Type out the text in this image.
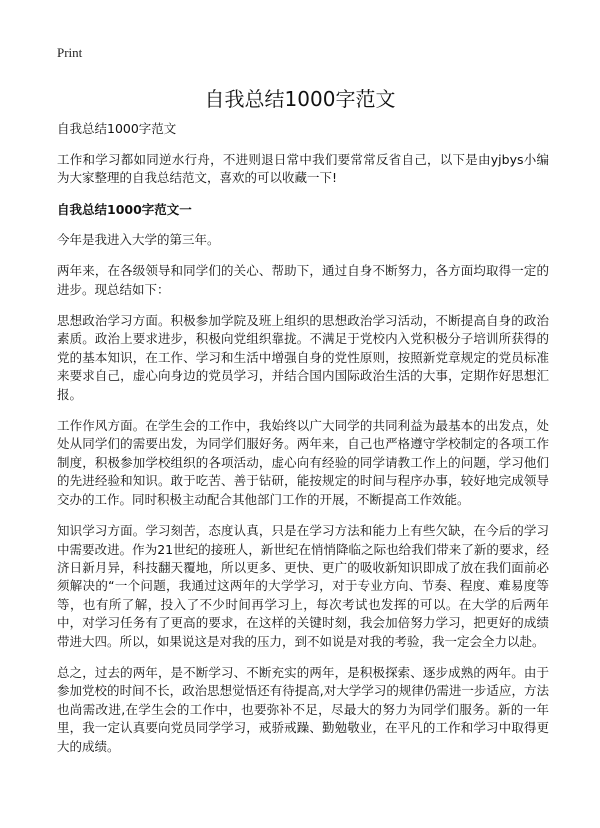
Print
自我总结1000字范文

自我总结1000字范文

工作和学习都如同逆水行舟，不进则退日常中我们要常常反省自己，以下是由yjbys小编为大家整理的自我总结范文，喜欢的可以收藏一下!

自我总结1000字范文一

今年是我进入大学的第三年。

两年来，在各级领导和同学们的关心、帮助下，通过自身不断努力，各方面均取得一定的进步。现总结如下：

思想政治学习方面。积极参加学院及班上组织的思想政治学习活动，不断提高自身的政治素质。政治上要求进步，积极向党组织靠拢。不满足于党校内入党积极分子培训所获得的党的基本知识，在工作、学习和生活中增强自身的党性原则，按照新党章规定的党员标准来要求自己，虚心向身边的党员学习，并结合国内国际政治生活的大事，定期作好思想汇报。

工作作风方面。在学生会的工作中，我始终以广大同学的共同利益为最基本的出发点，处处从同学们的需要出发，为同学们服好务。两年来，自己也严格遵守学校制定的各项工作制度，积极参加学校组织的各项活动，虚心向有经验的同学请教工作上的问题，学习他们的先进经验和知识。敢于吃苦、善于钻研，能按规定的时间与程序办事，较好地完成领导交办的工作。同时积极主动配合其他部门工作的开展，不断提高工作效能。

知识学习方面。学习刻苦，态度认真，只是在学习方法和能力上有些欠缺，在今后的学习中需要改进。作为21世纪的接班人，新世纪在悄悄降临之际也给我们带来了新的要求，经济日新月异，科技翻天覆地，所以更多、更快、更广的吸收新知识即成了放在我们面前必须解决的“一个问题，我通过这两年的大学学习，对于专业方向、节奏、程度、难易度等等，也有所了解，投入了不少时间再学习上，每次考试也发挥的可以。在大学的后两年中，对学习任务有了更高的要求，在这样的关键时刻，我会加倍努力学习，把更好的成绩带进大四。所以，如果说这是对我的压力，到不如说是对我的考验，我一定会全力以赴。

总之，过去的两年，是不断学习、不断充实的两年，是积极探索、逐步成熟的两年。由于参加党校的时间不长，政治思想觉悟还有待提高,对大学学习的规律仍需进一步适应，方法也尚需改进,在学生会的工作中，也要弥补不足，尽最大的努力为同学们服务。新的一年里，我一定认真要向党员同学学习，戒骄戒躁、勤勉敬业，在平凡的工作和学习中取得更大的成绩。
